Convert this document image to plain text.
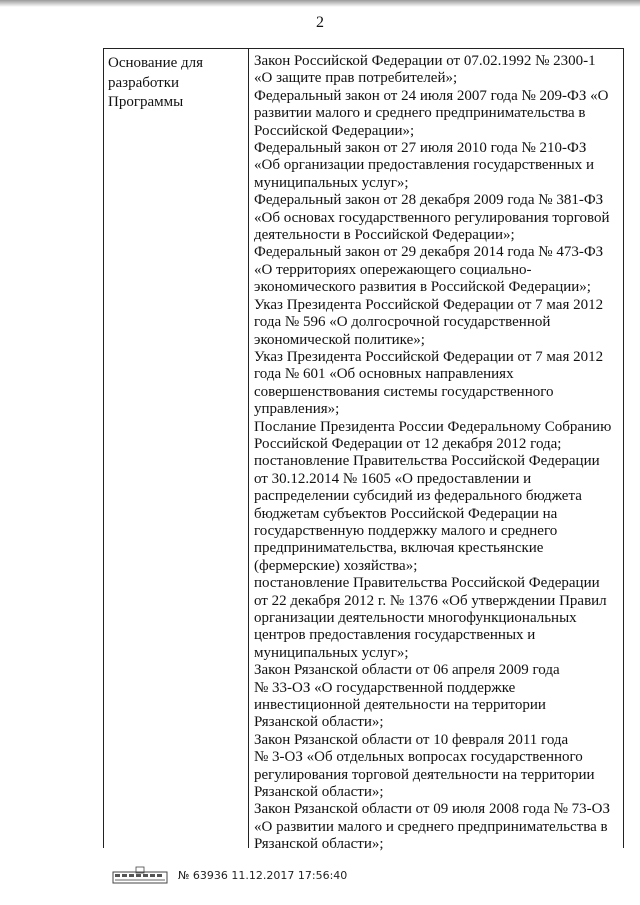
2
Основание для
разработки
Программы
Закон Российской Федерации от 07.02.1992 № 2300-1
«О защите прав потребителей»;
Федеральный закон от 24 июля 2007 года № 209-ФЗ «О
развитии малого и среднего предпринимательства в
Российской Федерации»;
Федеральный закон от 27 июля 2010 года № 210-ФЗ
«Об организации предоставления государственных и
муниципальных услуг»;
Федеральный закон от 28 декабря 2009 года № 381-ФЗ
«Об основах государственного регулирования торговой
деятельности в Российской Федерации»;
Федеральный закон от 29 декабря 2014 года № 473-ФЗ
«О территориях опережающего социально-
экономического развития в Российской Федерации»;
Указ Президента Российской Федерации от 7 мая 2012
года № 596 «О долгосрочной государственной
экономической политике»;
Указ Президента Российской Федерации от 7 мая 2012
года № 601 «Об основных направлениях
совершенствования системы государственного
управления»;
Послание Президента России Федеральному Собранию
Российской Федерации от 12 декабря 2012 года;
постановление Правительства Российской Федерации
от 30.12.2014 № 1605 «О предоставлении и
распределении субсидий из федерального бюджета
бюджетам субъектов Российской Федерации на
государственную поддержку малого и среднего
предпринимательства, включая крестьянские
(фермерские) хозяйства»;
постановление Правительства Российской Федерации
от 22 декабря 2012 г. № 1376 «Об утверждении Правил
организации деятельности многофункциональных
центров предоставления государственных и
муниципальных услуг»;
Закон Рязанской области от 06 апреля 2009 года
№ 33-ОЗ «О государственной поддержке
инвестиционной деятельности на территории
Рязанской области»;
Закон Рязанской области от 10 февраля 2011 года
№ 3-ОЗ «Об отдельных вопросах государственного
регулирования торговой деятельности на территории
Рязанской области»;
Закон Рязанской области от 09 июля 2008 года № 73-ОЗ
«О развитии малого и среднего предпринимательства в
Рязанской области»;
№ 63936 11.12.2017 17:56:40
